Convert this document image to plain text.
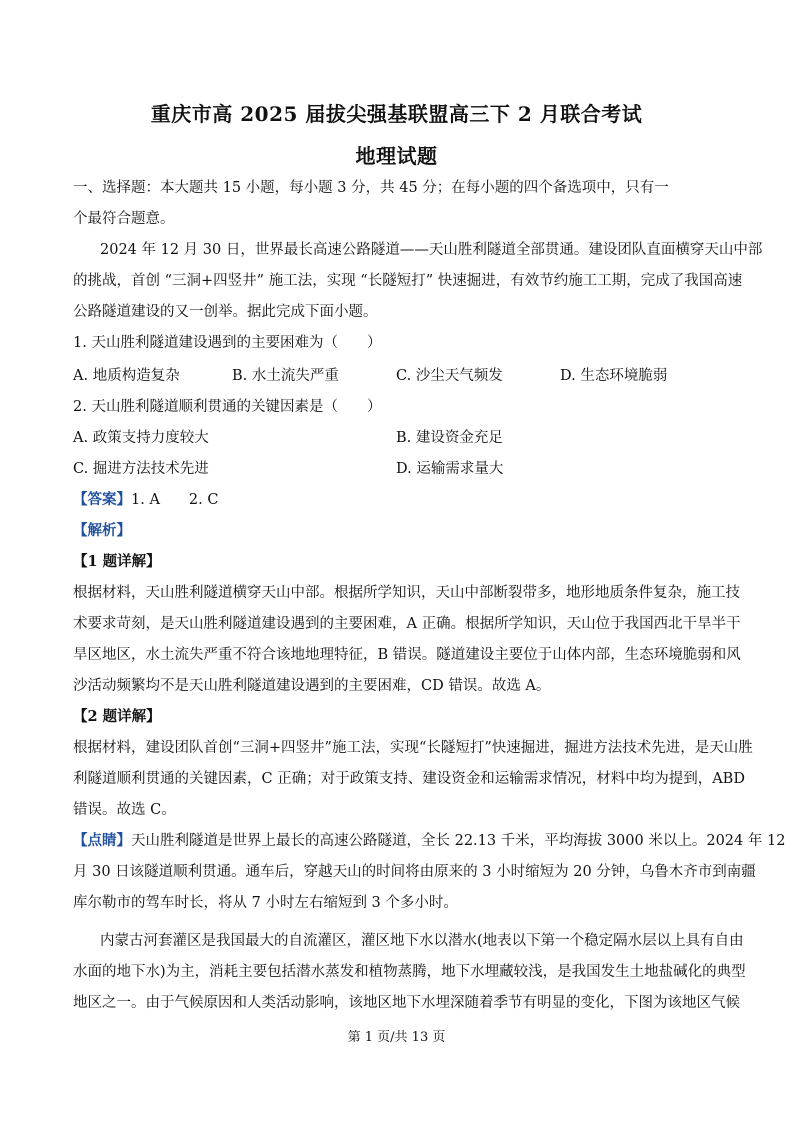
重庆市高 2025 届拔尖强基联盟高三下 2 月联合考试
地理试题
一、选择题：本大题共 15 小题，每小题 3 分，共 45 分；在每小题的四个备选项中，只有一
个最符合题意。
2024 年 12 月 30 日，世界最长高速公路隧道——天山胜利隧道全部贯通。建设团队直面横穿天山中部
的挑战，首创 “三洞+四竖井” 施工法，实现 “长隧短打” 快速掘进，有效节约施工工期，完成了我国高速
公路隧道建设的又一创举。据此完成下面小题。
1. 天山胜利隧道建设遇到的主要困难为（　　）
A. 地质构造复杂	B. 水土流失严重	C. 沙尘天气频发	D. 生态环境脆弱
2. 天山胜利隧道顺利贯通的关键因素是（　　）
A. 政策支持力度较大	B. 建设资金充足
C. 掘进方法技术先进	D. 运输需求量大
【答案】1. A　　2. C
【解析】
【1 题详解】
根据材料，天山胜利隧道横穿天山中部。根据所学知识，天山中部断裂带多，地形地质条件复杂，施工技
术要求苛刻，是天山胜利隧道建设遇到的主要困难，A 正确。根据所学知识，天山位于我国西北干旱半干
旱区地区，水土流失严重不符合该地地理特征，B 错误。隧道建设主要位于山体内部，生态环境脆弱和风
沙活动频繁均不是天山胜利隧道建设遇到的主要困难，CD 错误。故选 A。
【2 题详解】
根据材料，建设团队首创“三洞+四竖井”施工法，实现“长隧短打”快速掘进，掘进方法技术先进，是天山胜
利隧道顺利贯通的关键因素，C 正确；对于政策支持、建设资金和运输需求情况，材料中均为提到，ABD
错误。故选 C。
【点睛】天山胜利隧道是世界上最长的高速公路隧道，全长 22.13 千米，平均海拔 3000 米以上。2024 年 12
月 30 日该隧道顺利贯通。通车后，穿越天山的时间将由原来的 3 小时缩短为 20 分钟，乌鲁木齐市到南疆
库尔勒市的驾车时长，将从 7 小时左右缩短到 3 个多小时。
内蒙古河套灌区是我国最大的自流灌区，灌区地下水以潜水(地表以下第一个稳定隔水层以上具有自由
水面的地下水)为主，消耗主要包括潜水蒸发和植物蒸腾，地下水埋藏较浅，是我国发生土地盐碱化的典型
地区之一。由于气候原因和人类活动影响，该地区地下水埋深随着季节有明显的变化，下图为该地区气候
第 1 页/共 13 页
